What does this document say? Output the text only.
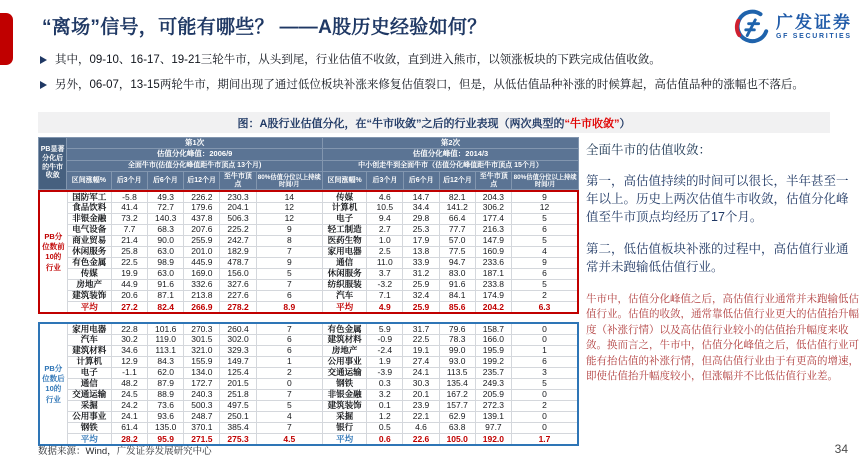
“离场”信号，可能有哪些？ ——A股历史经验如何？	广发证券
GF SECURITIES
其中，09-10、16-17、19-21三轮牛市，从头到尾，行业估值不收敛，直到进入熊市，以领涨板块的下跌完成估值收敛。
另外，06-07，13-15两轮牛市，期间出现了通过低位板块补涨来修复估值裂口，但是，从低估值品种补涨的时候算起，高估值品种的涨幅也不落后。
图：A股行业估值分化，在“牛市收敛”之后的行业表现（两次典型的 “牛市收敛” ）
PB显著分化后的牛市收敛	第1次						第2次					
	估值分化峰值：2006/9						估值分化峰值：2014/3					
	全面牛市(估值分化峰值距牛市顶点 13个月)						中小创走牛到全面牛市（估值分化峰值距牛市顶点 15个月）					
	区间涨幅%	后3个月	后6个月	后12个月	至牛市顶点	80%估值分位以上持续时间/月	区间涨幅%	后3个月	后6个月	后12个月	至牛市顶点	80%估值分位以上持续时间/月
PB分位数前10的行业	国防军工	-5.8	49.3	226.2	230.3	14	传媒	4.6	14.7	82.1	204.3	9
	食品饮料	41.4	72.7	179.6	204.1	12	计算机	10.5	34.4	141.2	306.2	12
	非银金融	73.2	140.3	437.8	506.3	12	电子	9.4	29.8	66.4	177.4	5
	电气设备	7.7	68.3	207.6	225.2	9	轻工制造	2.7	25.3	77.7	216.3	6
	商业贸易	21.4	90.0	255.9	242.7	8	医药生物	1.0	17.9	57.0	147.9	5
	休闲服务	25.8	63.0	201.0	182.9	7	家用电器	2.5	13.8	77.5	160.9	4
	有色金属	22.5	98.9	445.9	478.7	9	通信	11.0	33.9	94.7	233.6	9
	传媒	19.9	63.0	169.0	156.0	5	休闲服务	3.7	31.2	83.0	187.1	6
	房地产	44.9	91.6	332.6	327.6	7	纺织服装	-3.2	25.9	91.6	233.8	5
	建筑装饰	20.6	87.1	213.8	227.6	6	汽车	7.1	32.4	84.1	174.9	2
	平均	27.2	82.4	266.9	278.2	8.9	平均	4.9	25.9	85.6	204.2	6.3
PB分位数后10的行业	家用电器	22.8	101.6	270.3	260.4	7	有色金属	5.9	31.7	79.6	158.7	0
	汽车	30.2	119.0	301.5	302.0	6	建筑材料	-0.9	22.5	78.3	166.0	0
	建筑材料	34.6	113.1	321.0	329.3	6	房地产	-2.4	19.1	99.0	195.9	1
	计算机	12.9	84.3	155.9	149.7	1	公用事业	1.9	27.4	93.0	199.2	6
	电子	-1.1	62.0	134.0	125.4	2	交通运输	-3.9	24.1	113.5	235.7	3
	通信	48.2	87.9	172.7	201.5	0	钢铁	0.3	30.3	135.4	249.3	5
	交通运输	24.5	88.9	240.3	251.8	7	非银金融	3.2	20.1	167.2	205.9	0
	采掘	24.2	73.6	500.3	497.5	5	建筑装饰	0.1	23.9	157.7	272.3	2
	公用事业	24.1	93.6	248.7	250.1	4	采掘	1.2	22.1	62.9	139.1	0
	钢铁	61.4	135.0	370.1	385.4	7	银行	0.5	4.6	63.8	97.7	0
	平均	28.2	95.9	271.5	275.3	4.5	平均	0.6	22.6	105.0	192.0	1.7
全面牛市的估值收敛：
第一，高估值持续的时间可以很长，半年甚至一年以上。历史上两次估值牛市收敛，估值分化峰值至牛市顶点均经历了17个月。
第二，低估值板块补涨的过程中，高估值行业通常并未跑输低估值行业。
牛市中，估值分化峰值之后，高估值行业通常并未跑输低估值行业。估值的收敛，通常靠低估值行业更大的估值抬升幅度（补涨行情）以及高估值行业较小的估值抬升幅度来收敛。换而言之，牛市中，估值分化峰值之后，低估值行业可能有抬估值的补涨行情，但高估值行业由于有更高的增速，即使估值抬升幅度较小，但涨幅并不比低估值行业差。
数据来源：Wind，广发证券发展研究中心	34
